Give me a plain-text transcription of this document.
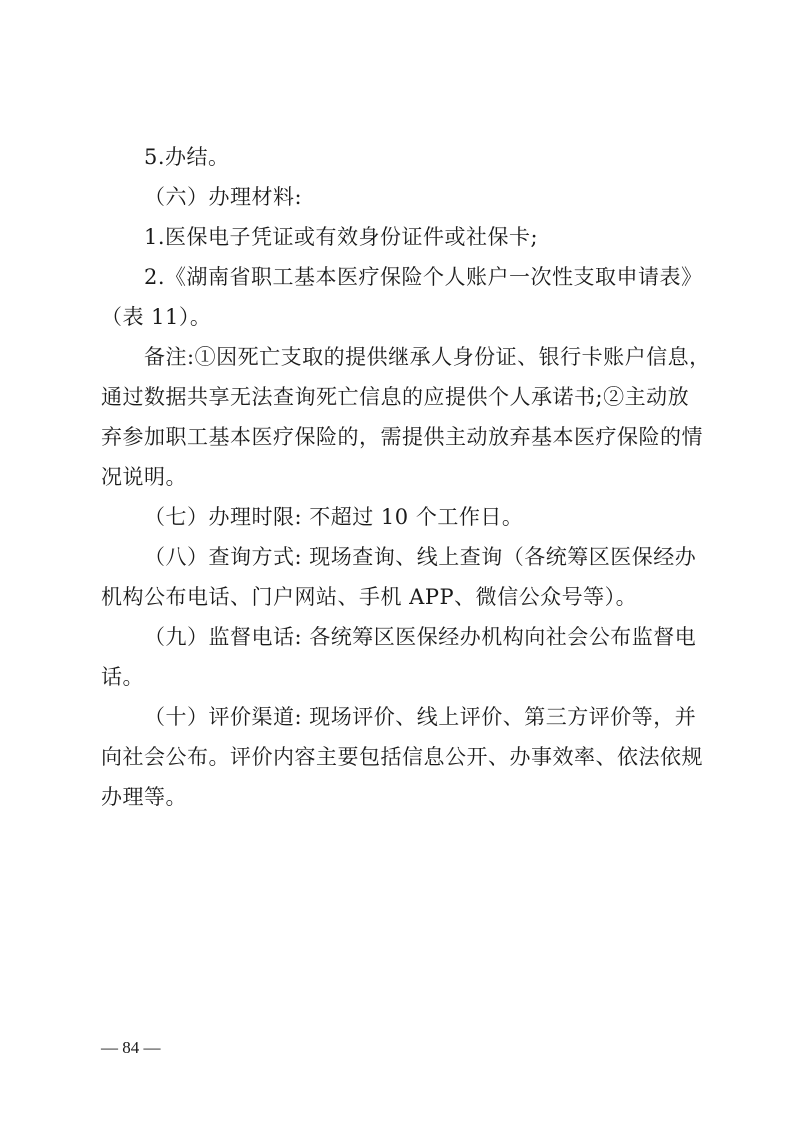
5.办结。
（六）办理材料:
1.医保电子凭证或有效身份证件或社保卡;
2.《湖南省职工基本医疗保险个人账户一次性支取申请表》
（表 11）。
备注:①因死亡支取的提供继承人身份证、银行卡账户信息，
通过数据共享无法查询死亡信息的应提供个人承诺书;②主动放
弃参加职工基本医疗保险的，需提供主动放弃基本医疗保险的情
况说明。
（七）办理时限: 不超过 10 个工作日。
（八）查询方式: 现场查询、线上查询（各统筹区医保经办
机构公布电话、门户网站、手机 APP、微信公众号等）。
（九）监督电话: 各统筹区医保经办机构向社会公布监督电
话。
（十）评价渠道: 现场评价、线上评价、第三方评价等，并
向社会公布。评价内容主要包括信息公开、办事效率、依法依规
办理等。
— 84 —
